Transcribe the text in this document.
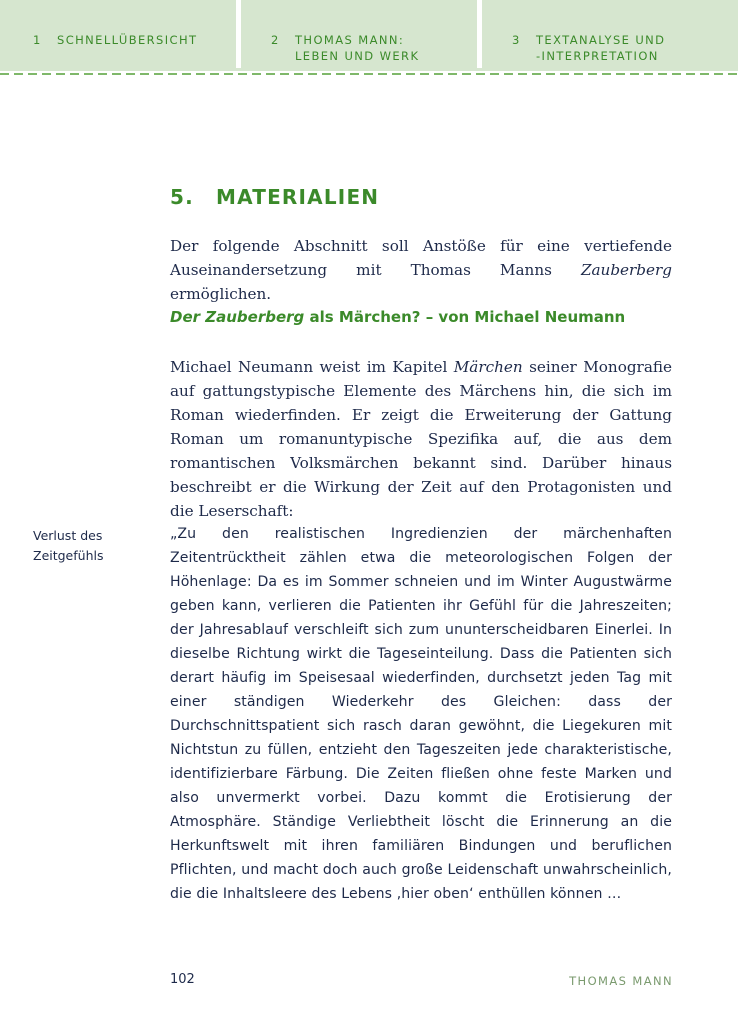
1	SCHNELLÜBERSICHT	2	THOMAS MANN:
LEBEN UND WERK
3	TEXTANALYSE UND
-INTERPRETATION
5. MATERIALIEN

Der folgende Abschnitt soll Anstöße für eine vertiefende Auseinandersetzung mit Thomas Manns Zauberberg ermöglichen.

Der Zauberberg als Märchen? – von Michael Neumann

Michael Neumann weist im Kapitel Märchen seiner Monografie auf gattungstypische Elemente des Märchens hin, die sich im Roman wiederfinden. Er zeigt die Erweiterung der Gattung Roman um romanuntypische Spezifika auf, die aus dem romantischen Volksmärchen bekannt sind. Darüber hinaus beschreibt er die Wirkung der Zeit auf den Protagonisten und die Leserschaft:

Verlust des
Zeitgefühls

„Zu den realistischen Ingredienzien der märchenhaften Zeitentrücktheit zählen etwa die meteorologischen Folgen der Höhenlage: Da es im Sommer schneien und im Winter Augustwärme geben kann, verlieren die Patienten ihr Gefühl für die Jahreszeiten; der Jahresablauf verschleift sich zum ununterscheidbaren Einerlei. In dieselbe Richtung wirkt die Tageseinteilung. Dass die Patienten sich derart häufig im Speisesaal wiederfinden, durchsetzt jeden Tag mit einer ständigen Wiederkehr des Gleichen: dass der Durchschnittspatient sich rasch daran gewöhnt, die Liegekuren mit Nichtstun zu füllen, entzieht den Tageszeiten jede charakteristische, identifizierbare Färbung. Die Zeiten fließen ohne feste Marken und also unvermerkt vorbei. Dazu kommt die Erotisierung der Atmosphäre. Ständige Verliebtheit löscht die Erinnerung an die Herkunftswelt mit ihren familiären Bindungen und beruflichen Pflichten, und macht doch auch große Leidenschaft unwahrscheinlich, die die Inhaltsleere des Lebens ‚hier oben‘ enthüllen können …

102	THOMAS MANN
